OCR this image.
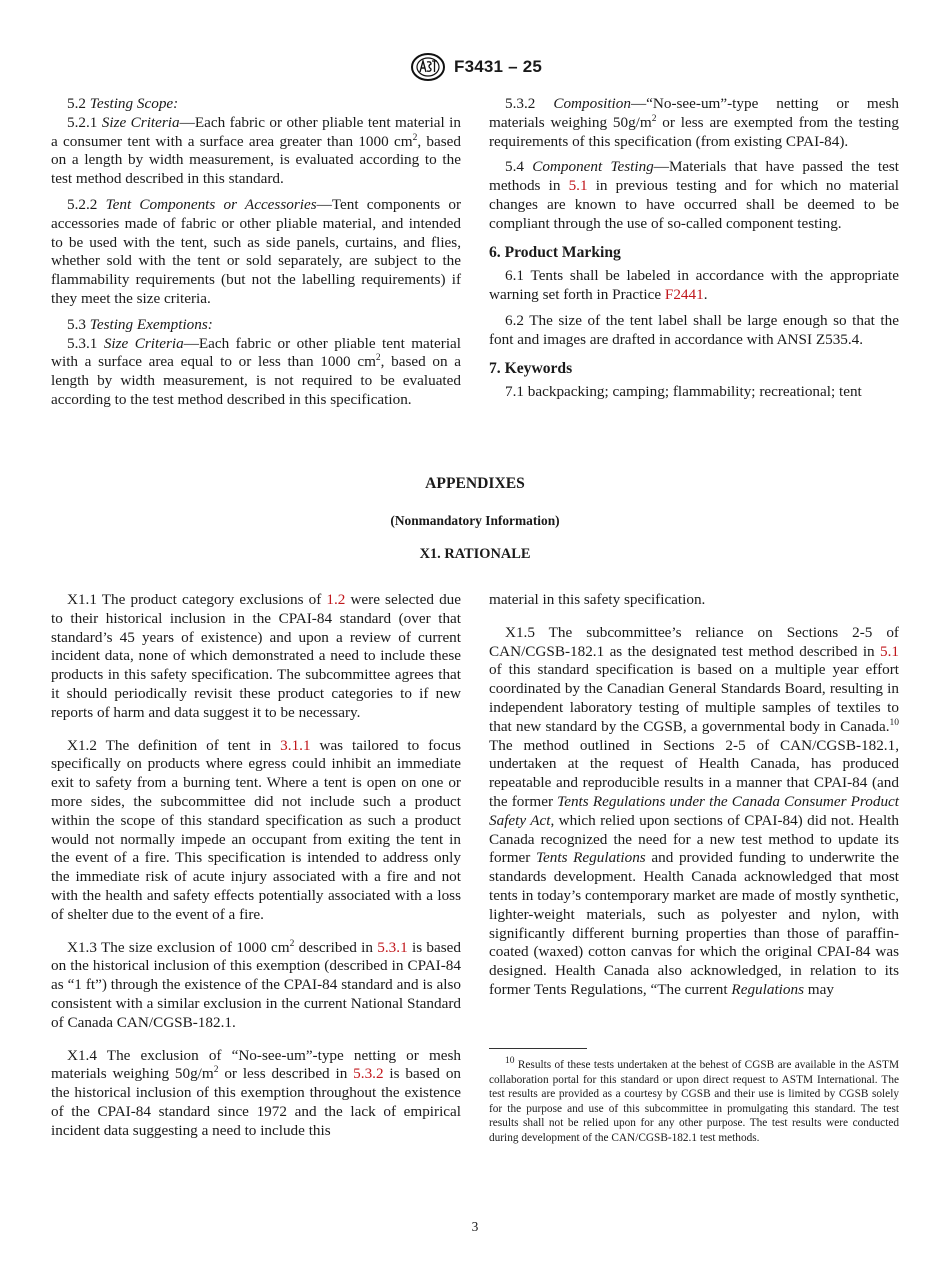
F3431 – 25

5.2 Testing Scope:

5.2.1 Size Criteria—Each fabric or other pliable tent material in a consumer tent with a surface area greater than 1000 $cm^2$, based on a length by width measurement, is evaluated according to the test method described in this standard.

5.2.2 Tent Components or Accessories—Tent components or accessories made of fabric or other pliable material, and intended to be used with the tent, such as side panels, curtains, and flies, whether sold with the tent or sold separately, are subject to the flammability requirements (but not the labelling requirements) if they meet the size criteria.

5.3 Testing Exemptions:

5.3.1 Size Criteria—Each fabric or other pliable tent material with a surface area equal to or less than 1000 $cm^2$, based on a length by width measurement, is not required to be evaluated according to the test method described in this specification.

5.3.2 Composition—“No-see-um”-type netting or mesh materials weighing $50g/m^2$ or less are exempted from the testing requirements of this specification (from existing CPAI-84).

5.4 Component Testing—Materials that have passed the test methods in 5.1 in previous testing and for which no material changes are known to have occurred shall be deemed to be compliant through the use of so-called component testing.

6. Product Marking

6.1 Tents shall be labeled in accordance with the appropriate warning set forth in Practice F2441.

6.2 The size of the tent label shall be large enough so that the font and images are drafted in accordance with ANSI Z535.4.

7. Keywords

7.1 backpacking; camping; flammability; recreational; tent

APPENDIXES
(Nonmandatory Information)
X1. RATIONALE

X1.1 The product category exclusions of 1.2 were selected due to their historical inclusion in the CPAI-84 standard (over that standard’s 45 years of existence) and upon a review of current incident data, none of which demonstrated a need to include these products in this safety specification. The subcommittee agrees that it should periodically revisit these product categories to if new reports of harm and data suggest it to be necessary.

X1.2 The definition of tent in 3.1.1 was tailored to focus specifically on products where egress could inhibit an immediate exit to safety from a burning tent. Where a tent is open on one or more sides, the subcommittee did not include such a product within the scope of this standard specification as such a product would not normally impede an occupant from exiting the tent in the event of a fire. This specification is intended to address only the immediate risk of acute injury associated with a fire and not with the health and safety effects potentially associated with a loss of shelter due to the event of a fire.

X1.3 The size exclusion of 1000 $cm^2$ described in 5.3.1 is based on the historical inclusion of this exemption (described in CPAI-84 as “1 ft”) through the existence of the CPAI-84 standard and is also consistent with a similar exclusion in the current National Standard of Canada CAN/CGSB-182.1.

X1.4 The exclusion of “No-see-um”-type netting or mesh materials weighing $50g/m^2$ or less described in 5.3.2 is based on the historical inclusion of this exemption throughout the existence of the CPAI-84 standard since 1972 and the lack of empirical incident data suggesting a need to include this

material in this safety specification.

X1.5 The subcommittee’s reliance on Sections 2-5 of CAN/CGSB-182.1 as the designated test method described in 5.1 of this standard specification is based on a multiple year effort coordinated by the Canadian General Standards Board, resulting in independent laboratory testing of multiple samples of textiles to that new standard by the CGSB, a governmental body in Canada.$^{10}$ The method outlined in Sections 2-5 of CAN/CGSB-182.1, undertaken at the request of Health Canada, has produced repeatable and reproducible results in a manner that CPAI-84 (and the former Tents Regulations under the Canada Consumer Product Safety Act, which relied upon sections of CPAI-84) did not. Health Canada recognized the need for a new test method to update its former Tents Regulations and provided funding to underwrite the standards development. Health Canada acknowledged that most tents in today’s contemporary market are made of mostly synthetic, lighter-weight materials, such as polyester and nylon, with significantly different burning properties than those of paraffin-coated (waxed) cotton canvas for which the original CPAI-84 was designed. Health Canada also acknowledged, in relation to its former Tents Regulations, “The current Regulations may

$^{10}$ Results of these tests undertaken at the behest of CGSB are available in the ASTM collaboration portal for this standard or upon direct request to ASTM International. The test results are provided as a courtesy by CGSB and their use is limited by CGSB solely for the purpose and use of this subcommittee in promulgating this standard. The test results shall not be relied upon for any other purpose. The test results were conducted during development of the CAN/CGSB-182.1 test methods.
3
